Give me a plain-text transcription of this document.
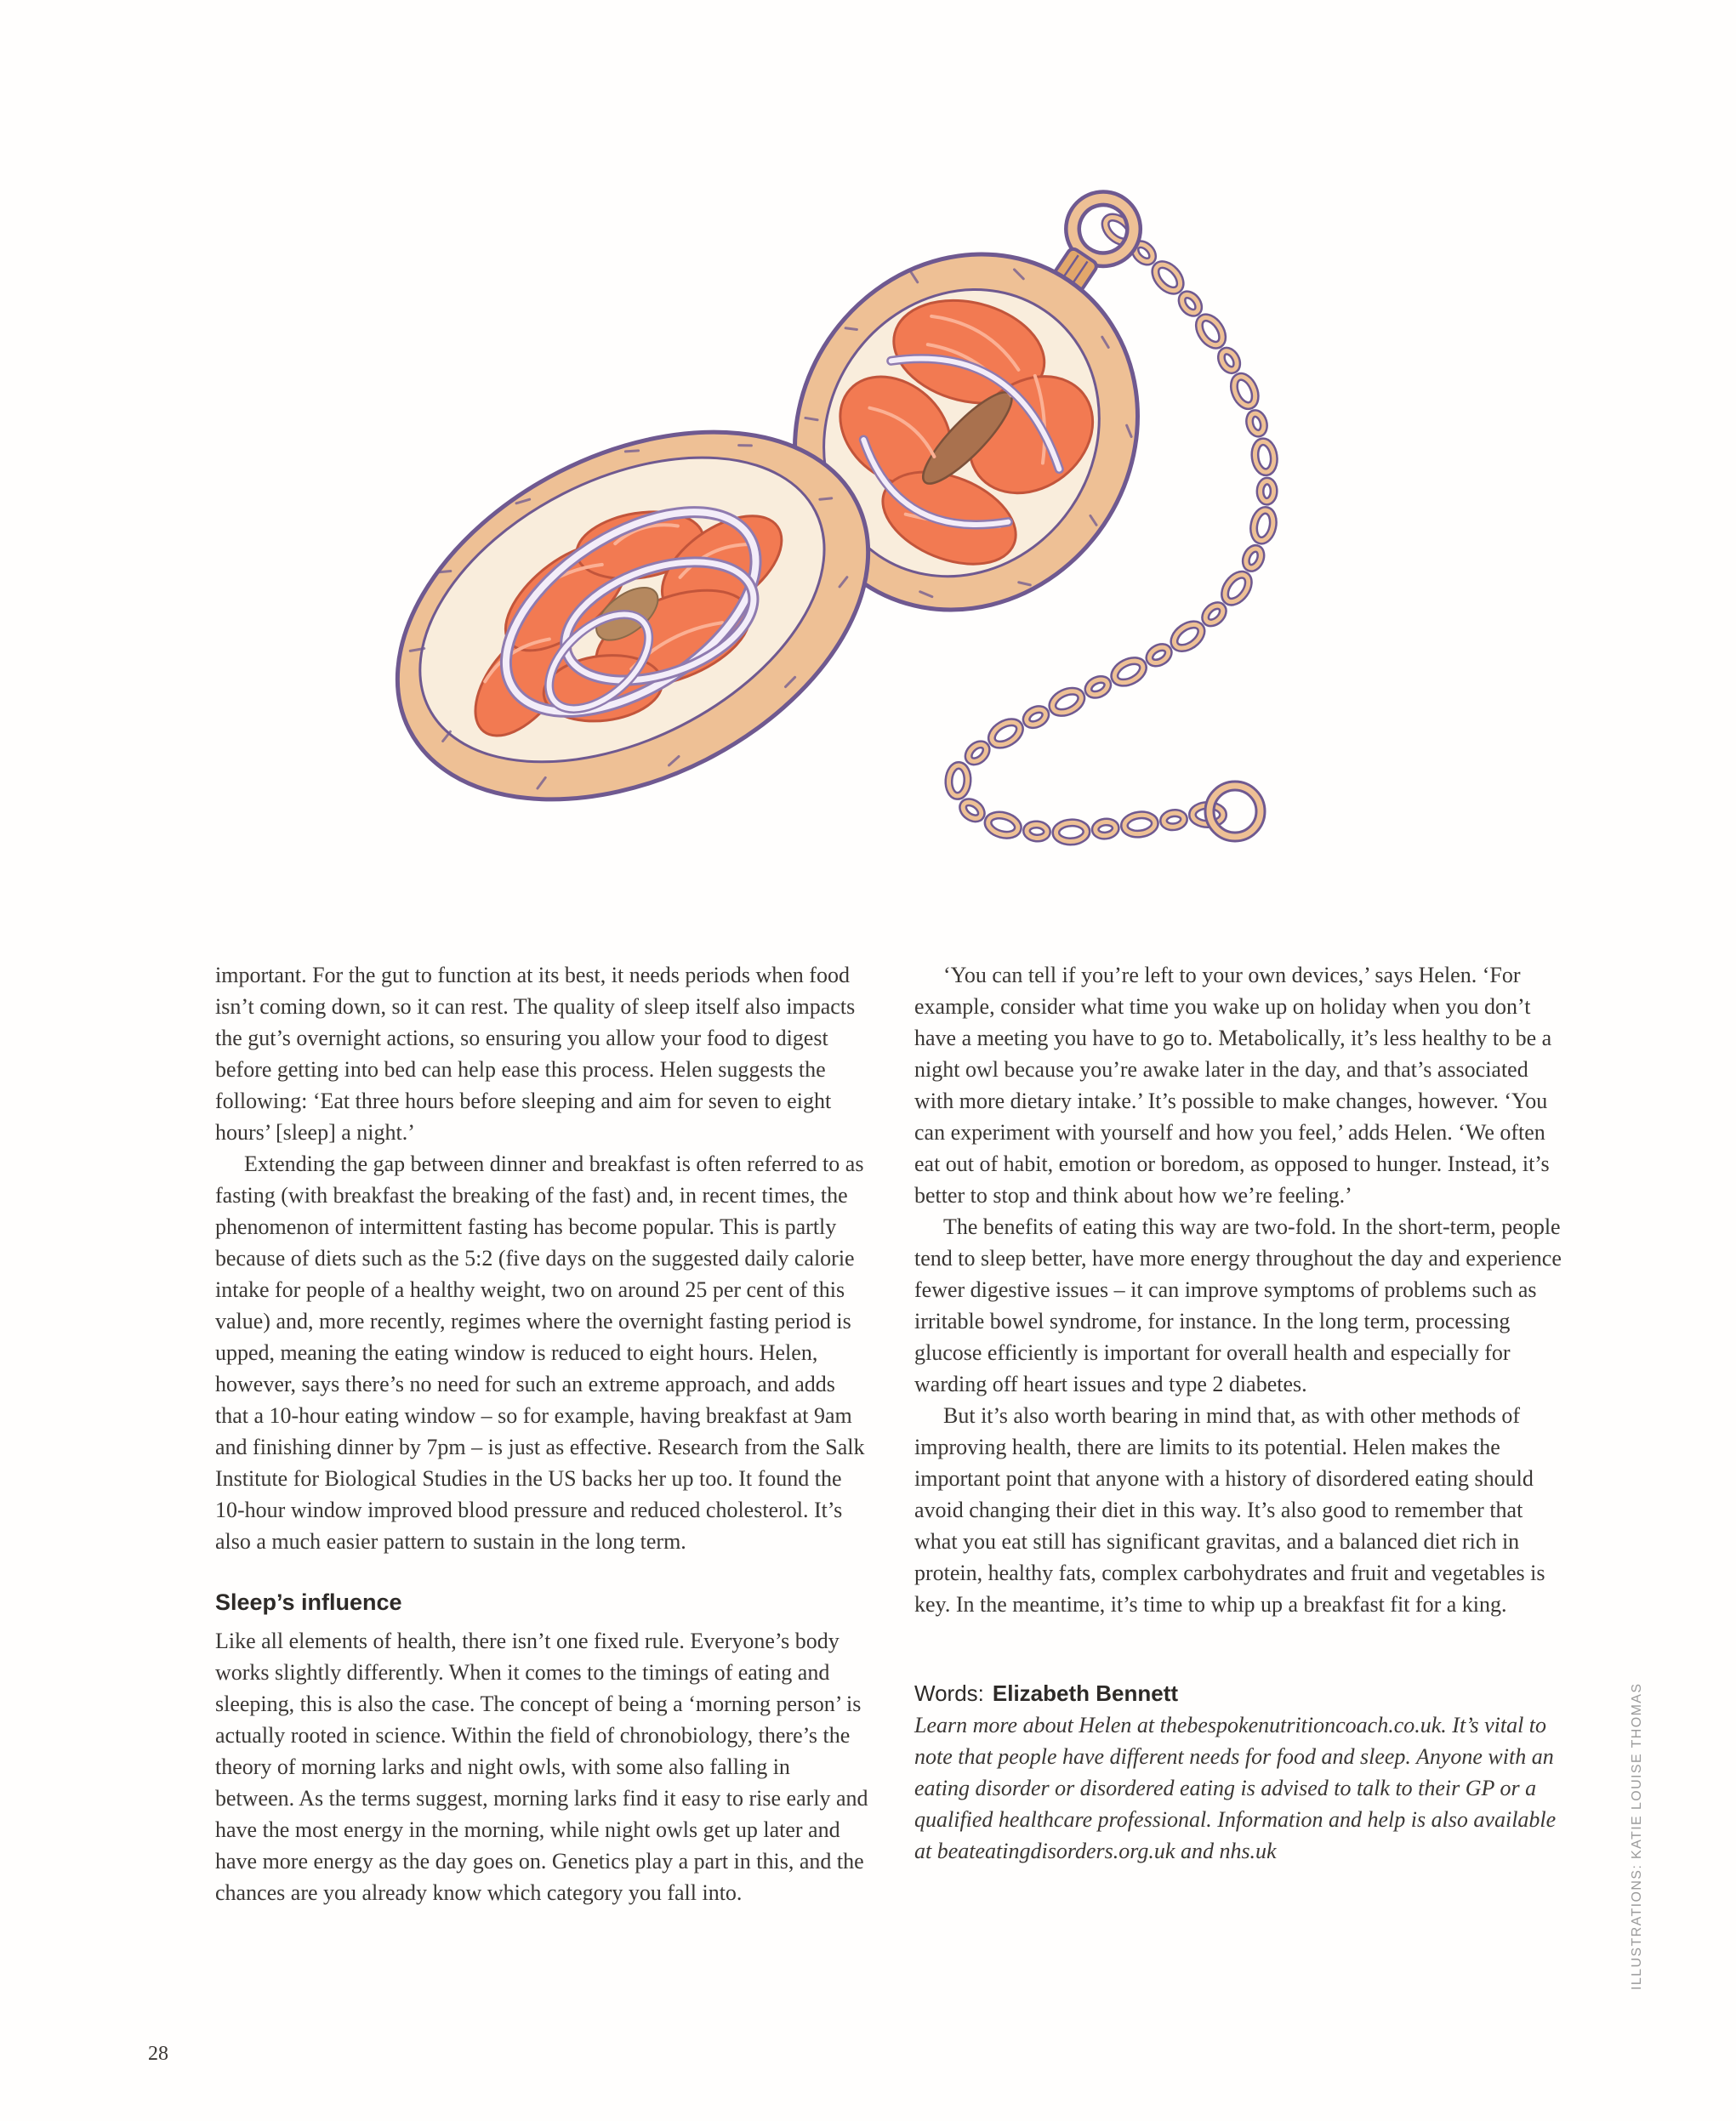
important. For the gut to function at its best, it needs periods when food isn’t coming down, so it can rest. The quality of sleep itself also impacts the gut’s overnight actions, so ensuring you allow your food to digest before getting into bed can help ease this process. Helen suggests the following: ‘Eat three hours before sleeping and aim for seven to eight hours’ [sleep] a night.’

Extending the gap between dinner and breakfast is often referred to as fasting (with breakfast the breaking of the fast) and, in recent times, the phenomenon of intermittent fasting has become popular. This is partly because of diets such as the 5:2 (five days on the suggested daily calorie intake for people of a healthy weight, two on around 25 per cent of this value) and, more recently, regimes where the overnight fasting period is upped, meaning the eating window is reduced to eight hours. Helen, however, says there’s no need for such an extreme approach, and adds that a 10-hour eating window – so for example, having breakfast at 9am and finishing dinner by 7pm – is just as effective. Research from the Salk Institute for Biological Studies in the US backs her up too. It found the 10-hour window improved blood pressure and reduced cholesterol. It’s also a much easier pattern to sustain in the long term.

Sleep’s influence

Like all elements of health, there isn’t one fixed rule. Everyone’s body works slightly differently. When it comes to the timings of eating and sleeping, this is also the case. The concept of being a ‘morning person’ is actually rooted in science. Within the field of chronobiology, there’s the theory of morning larks and night owls, with some also falling in between. As the terms suggest, morning larks find it easy to rise early and have the most energy in the morning, while night owls get up later and have more energy as the day goes on. Genetics play a part in this, and the chances are you already know which category you fall into.

‘You can tell if you’re left to your own devices,’ says Helen. ‘For example, consider what time you wake up on holiday when you don’t have a meeting you have to go to. Metabolically, it’s less healthy to be a night owl because you’re awake later in the day, and that’s associated with more dietary intake.’ It’s possible to make changes, however. ‘You can experiment with yourself and how you feel,’ adds Helen. ‘We often eat out of habit, emotion or boredom, as opposed to hunger. Instead, it’s better to stop and think about how we’re feeling.’

The benefits of eating this way are two-fold. In the short-term, people tend to sleep better, have more energy throughout the day and experience fewer digestive issues – it can improve symptoms of problems such as irritable bowel syndrome, for instance. In the long term, processing glucose efficiently is important for overall health and especially for warding off heart issues and type 2 diabetes.

But it’s also worth bearing in mind that, as with other methods of improving health, there are limits to its potential. Helen makes the important point that anyone with a history of disordered eating should avoid changing their diet in this way. It’s also good to remember that what you eat still has significant gravitas, and a balanced diet rich in protein, healthy fats, complex carbohydrates and fruit and vegetables is key. In the meantime, it’s time to whip up a breakfast fit for a king.

Words: Elizabeth Bennett

Learn more about Helen at thebespokenutritioncoach.co.uk. It’s vital to note that people have different needs for food and sleep. Anyone with an eating disorder or disordered eating is advised to talk to their GP or a qualified healthcare professional. Information and help is also available at beateatingdisorders.org.uk and nhs.uk	ILLUSTRATIONS: KATIE LOUISE THOMAS
28
